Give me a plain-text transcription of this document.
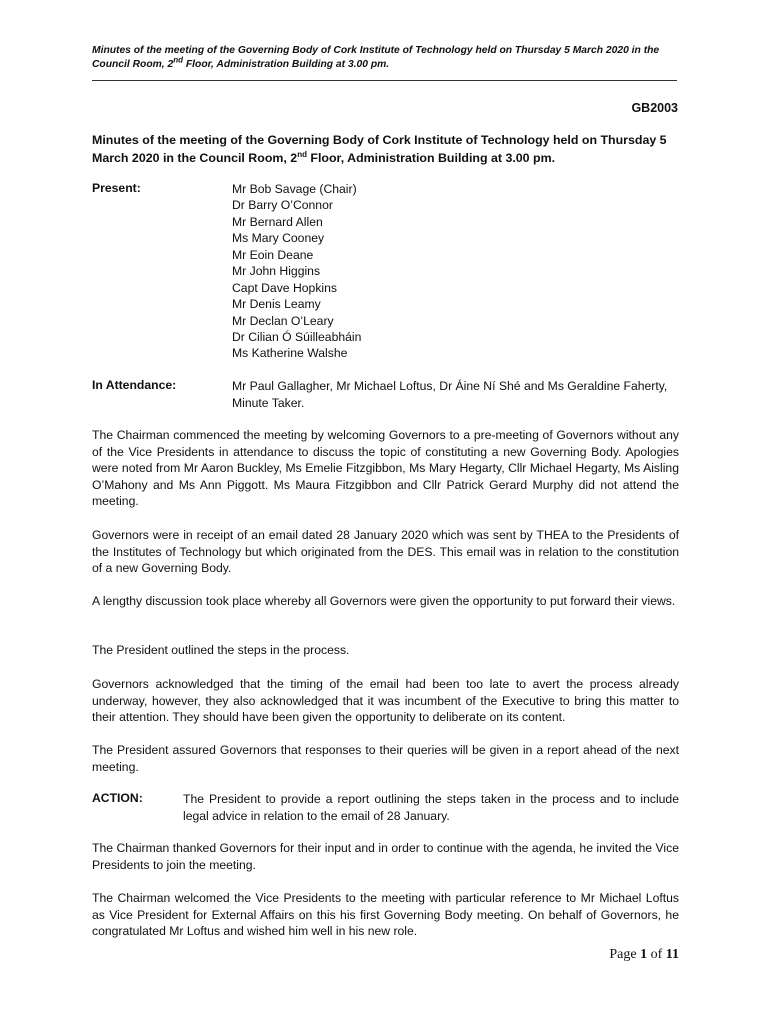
Minutes of the meeting of the Governing Body of Cork Institute of Technology held on Thursday 5 March 2020 in the Council Room, 2nd Floor, Administration Building at 3.00 pm.
GB2003
Minutes of the meeting of the Governing Body of Cork Institute of Technology held on Thursday 5 March 2020 in the Council Room, 2nd Floor, Administration Building at 3.00 pm.
Present:	Mr Bob Savage (Chair)
Dr Barry O’Connor
Mr Bernard Allen
Ms Mary Cooney
Mr Eoin Deane
Mr John Higgins
Capt Dave Hopkins
Mr Denis Leamy
Mr Declan O’Leary
Dr Cilian Ó Súilleabháin
Ms Katherine Walshe
In Attendance:	Mr Paul Gallagher, Mr Michael Loftus, Dr Áine Ní Shé and Ms Geraldine Faherty, Minute Taker.
The Chairman commenced the meeting by welcoming Governors to a pre-meeting of Governors without any of the Vice Presidents in attendance to discuss the topic of constituting a new Governing Body. Apologies were noted from Mr Aaron Buckley, Ms Emelie Fitzgibbon, Ms Mary Hegarty, Cllr Michael Hegarty, Ms Aisling O’Mahony and Ms Ann Piggott. Ms Maura Fitzgibbon and Cllr Patrick Gerard Murphy did not attend the meeting.
Governors were in receipt of an email dated 28 January 2020 which was sent by THEA to the Presidents of the Institutes of Technology but which originated from the DES. This email was in relation to the constitution of a new Governing Body.
A lengthy discussion took place whereby all Governors were given the opportunity to put forward their views.
The President outlined the steps in the process.
Governors acknowledged that the timing of the email had been too late to avert the process already underway, however, they also acknowledged that it was incumbent of the Executive to bring this matter to their attention. They should have been given the opportunity to deliberate on its content.
The President assured Governors that responses to their queries will be given in a report ahead of the next meeting.
ACTION:	The President to provide a report outlining the steps taken in the process and to include legal advice in relation to the email of 28 January.
The Chairman thanked Governors for their input and in order to continue with the agenda, he invited the Vice Presidents to join the meeting.
The Chairman welcomed the Vice Presidents to the meeting with particular reference to Mr Michael Loftus as Vice President for External Affairs on this his first Governing Body meeting. On behalf of Governors, he congratulated Mr Loftus and wished him well in his new role.
Page 1 of 11
